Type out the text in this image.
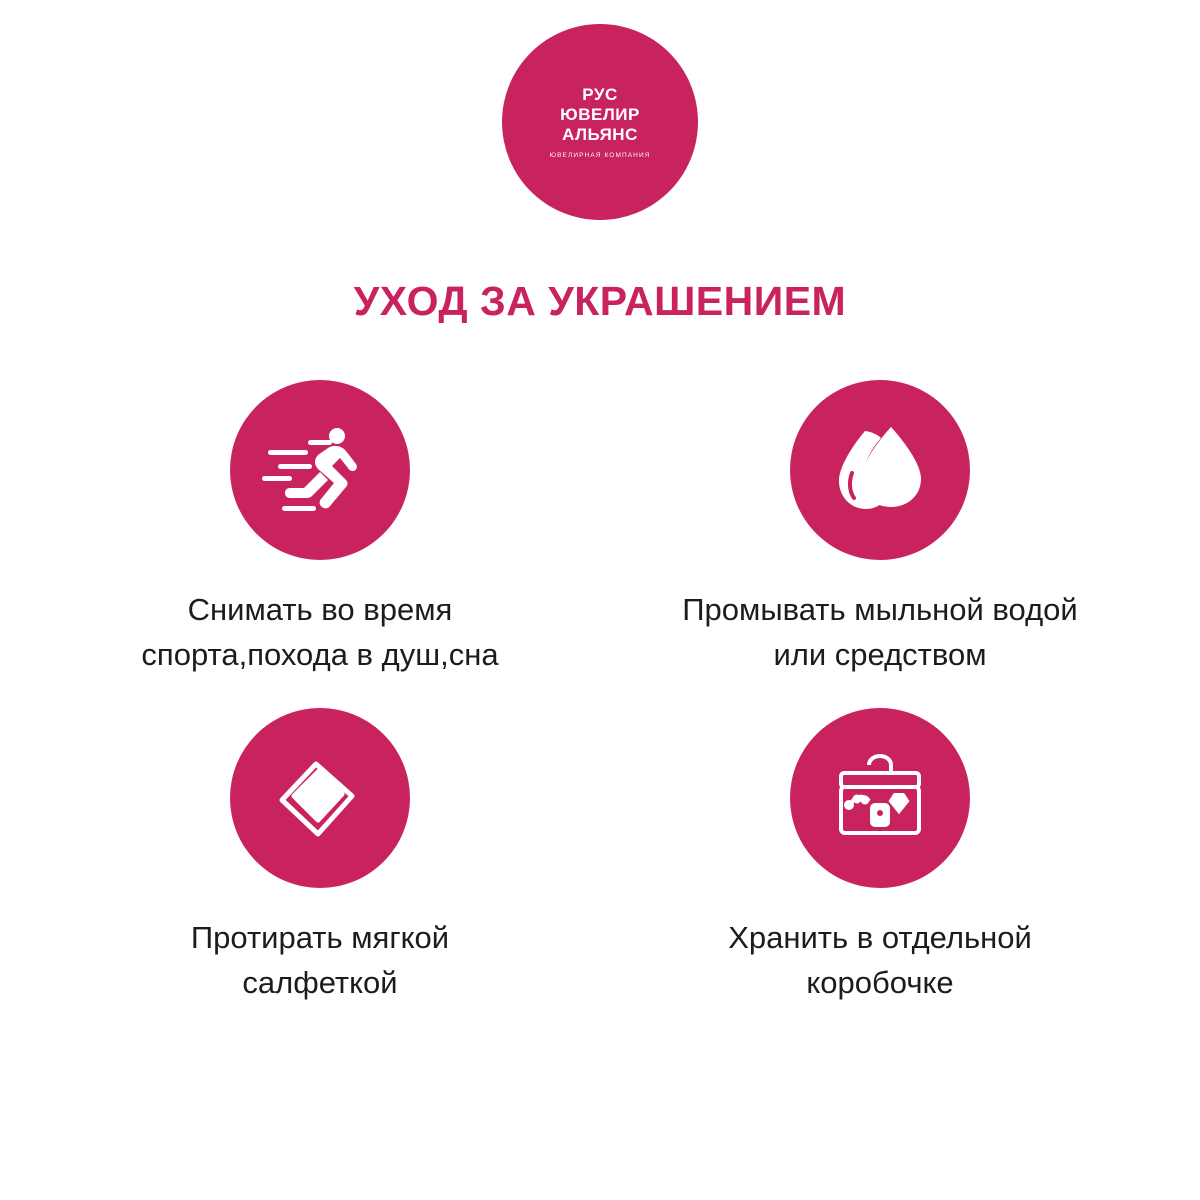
РУС
ЮВЕЛИР
АЛЬЯНС
ЮВЕЛИРНАЯ КОМПАНИЯ
УХОД ЗА УКРАШЕНИЕМ
Снимать во время
спорта,похода в душ,сна
Промывать мыльной водой
или средством
Протирать мягкой
салфеткой
Хранить в отдельной
коробочке
